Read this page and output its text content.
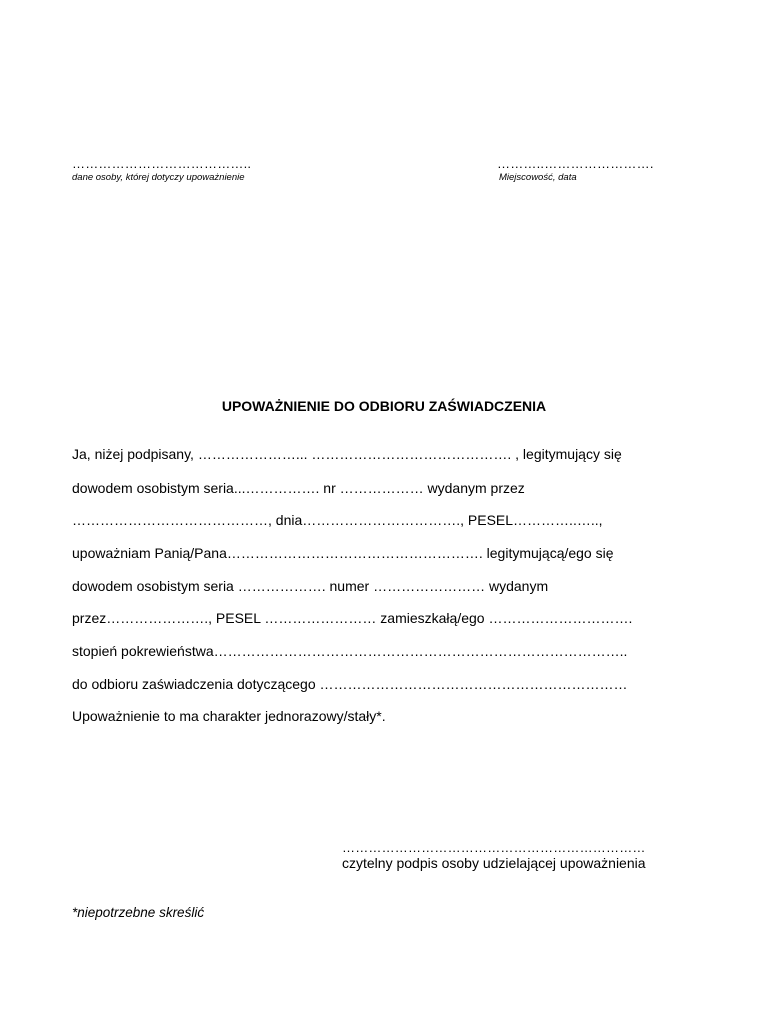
…………………………………..
dane osoby, której dotyczy upoważnienie
………..…………………….
Miejscowość, data
UPOWAŻNIENIE DO ODBIORU ZAŚWIADCZENIA
Ja, niżej podpisany, …………………... ……………………………………. , legitymujący się
dowodem osobistym seria...……………. nr ……………… wydanym przez
……………………………………, dnia……………………………., PESEL…………..…..,
upoważniam Panią/Pana………………………………………………. legitymującą/ego się
dowodem osobistym seria ………………. numer …………………… wydanym
przez…………………., PESEL …………………… zamieszkałą/ego ………………………….
stopień pokrewieństwa……………………………………………………………………………..
do odbioru zaświadczenia dotyczącego …………………………………………………………
Upoważnienie to ma charakter jednorazowy/stały*.
……………………………………………………………
czytelny podpis osoby udzielającej upoważnienia
*niepotrzebne skreślić
